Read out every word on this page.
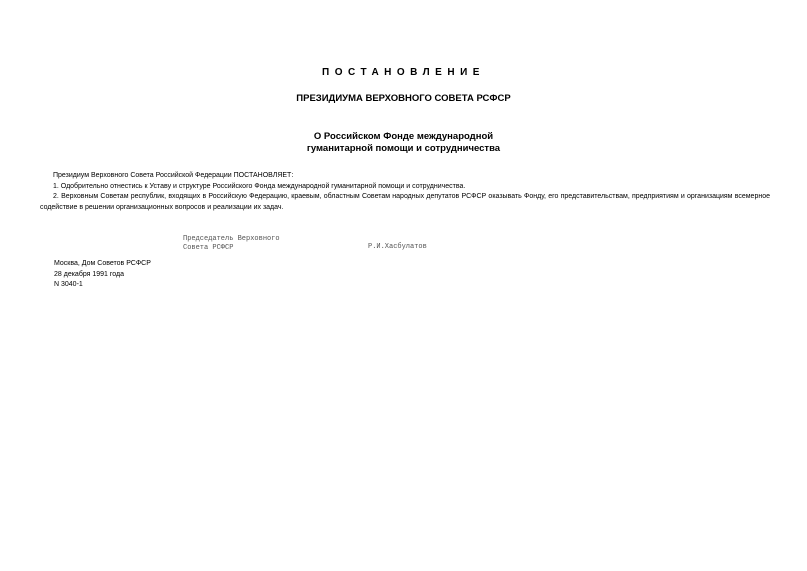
ПОСТАНОВЛЕНИЕ
ПРЕЗИДИУМА ВЕРХОВНОГО СОВЕТА РСФСР
О Российском Фонде международной
гуманитарной помощи и сотрудничества

Президиум Верховного Совета Российской Федерации ПОСТАНОВЛЯЕТ:

1. Одобрительно отнестись к Уставу и структуре Российского Фонда международной гуманитарной помощи и сотрудничества.

2. Верховным Советам республик, входящих в Российскую Федерацию, краевым, областным Советам народных депутатов РСФСР оказывать Фонду, его представительствам, предприятиям и организациям всемерное содействие в решении организационных вопросов и реализации их задач.

Председатель Верховного
Совета РСФСР	Р.И.Хасбулатов
Москва, Дом Советов РСФСР
28 декабря 1991 года
N 3040-1
